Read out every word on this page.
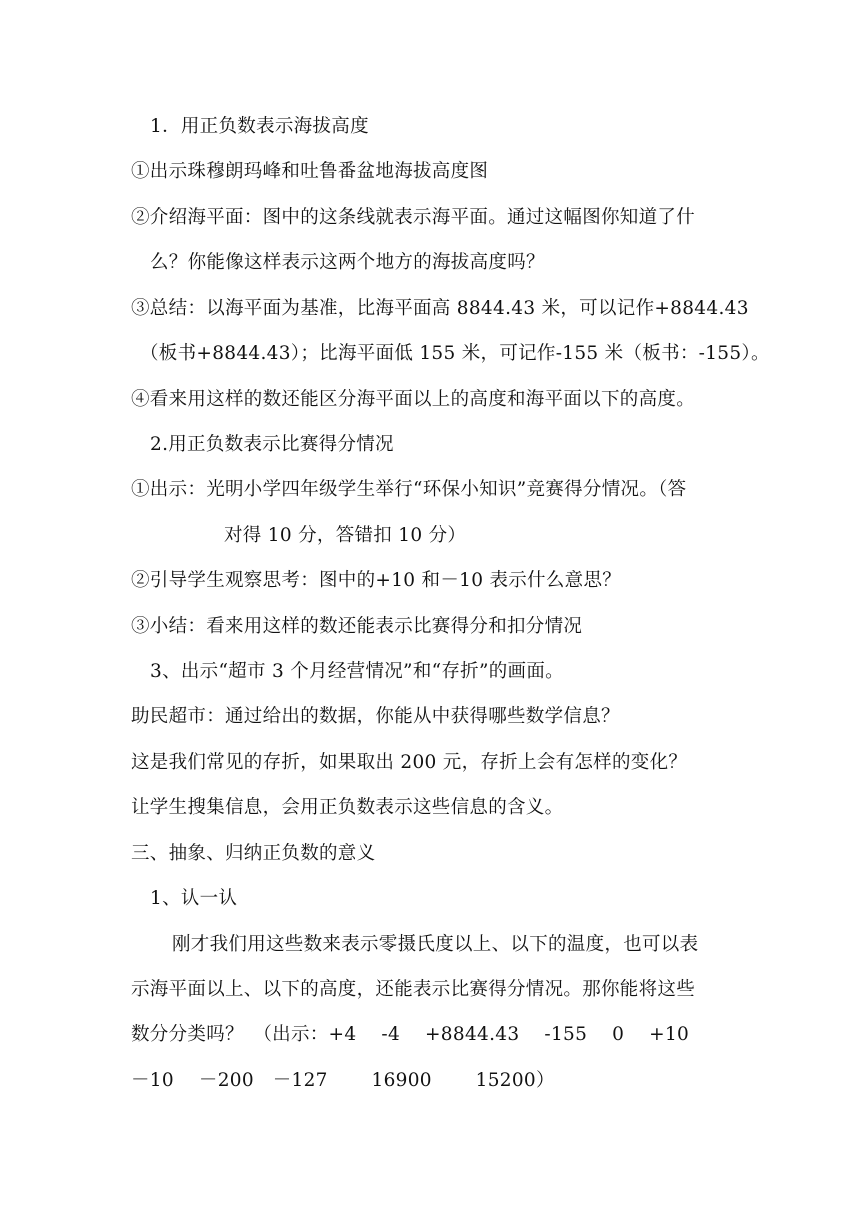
1．用正负数表示海拔高度
①出示珠穆朗玛峰和吐鲁番盆地海拔高度图
②介绍海平面：图中的这条线就表示海平面。通过这幅图你知道了什
么？你能像这样表示这两个地方的海拔高度吗？
③总结：以海平面为基准，比海平面高 8844.43 米，可以记作+8844.43
（板书+8844.43）；比海平面低 155 米，可记作-155 米（板书：-155）。
④看来用这样的数还能区分海平面以上的高度和海平面以下的高度。
2.用正负数表示比赛得分情况
①出示：光明小学四年级学生举行“环保小知识”竞赛得分情况。（答
对得 10 分，答错扣 10 分）
②引导学生观察思考：图中的+10 和－10 表示什么意思？
③小结：看来用这样的数还能表示比赛得分和扣分情况
3、出示“超市 3 个月经营情况”和“存折”的画面。
助民超市：通过给出的数据，你能从中获得哪些数学信息？
这是我们常见的存折，如果取出 200 元，存折上会有怎样的变化？
让学生搜集信息，会用正负数表示这些信息的含义。
三、抽象、归纳正负数的意义
1、认一认
刚才我们用这些数来表示零摄氏度以上、以下的温度，也可以表
示海平面以上、以下的高度，还能表示比赛得分情况。那你能将这些
数分分类吗？　（出示：+4　 -4　 +8844.43　 -155　 0　 +10
－10　 －200　－127　　 16900　　 15200）
